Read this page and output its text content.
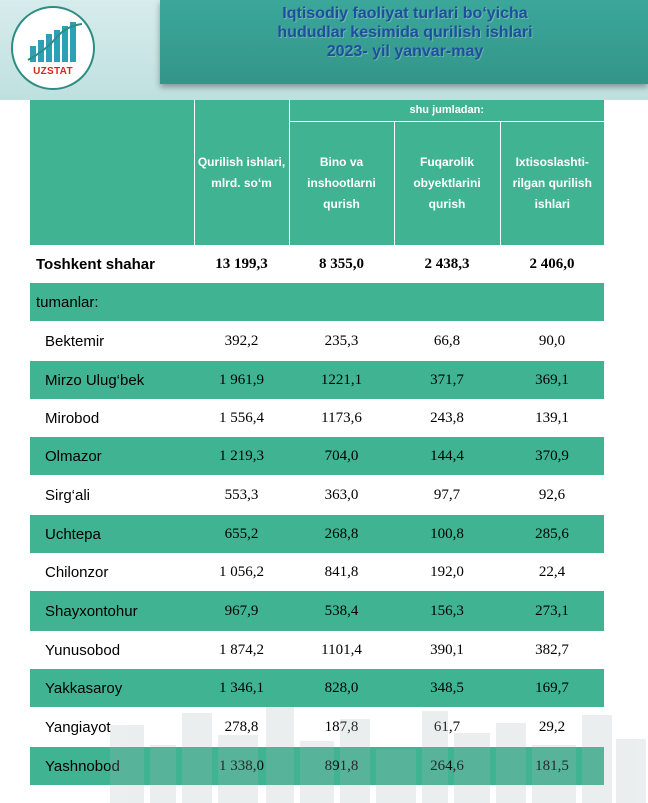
UZSTAT
Iqtisodiy faoliyat turlari bo‘yicha
hududlar kesimida qurilish ishlari
2023- yil yanvar-may
	Qurilish ishlari, mlrd. so‘m	shu jumladan:		
		Bino va inshootlarni qurish	Fuqarolik obyektlarini qurish	Ixtisoslashti-rilgan qurilish ishlari
Toshkent shahar	13 199,3	8 355,0	2 438,3	2 406,0
tumanlar:				
Bektemir	392,2	235,3	66,8	90,0
Mirzo Ulug‘bek	1 961,9	1221,1	371,7	369,1
Mirobod	1 556,4	1173,6	243,8	139,1
Olmazor	1 219,3	704,0	144,4	370,9
Sirg‘ali	553,3	363,0	97,7	92,6
Uchtepa	655,2	268,8	100,8	285,6
Chilonzor	1 056,2	841,8	192,0	22,4
Shayxontohur	967,9	538,4	156,3	273,1
Yunusobod	1 874,2	1101,4	390,1	382,7
Yakkasaroy	1 346,1	828,0	348,5	169,7
Yangiayot	278,8	187,8	61,7	29,2
Yashnobod	1 338,0	891,8	264,6	181,5
